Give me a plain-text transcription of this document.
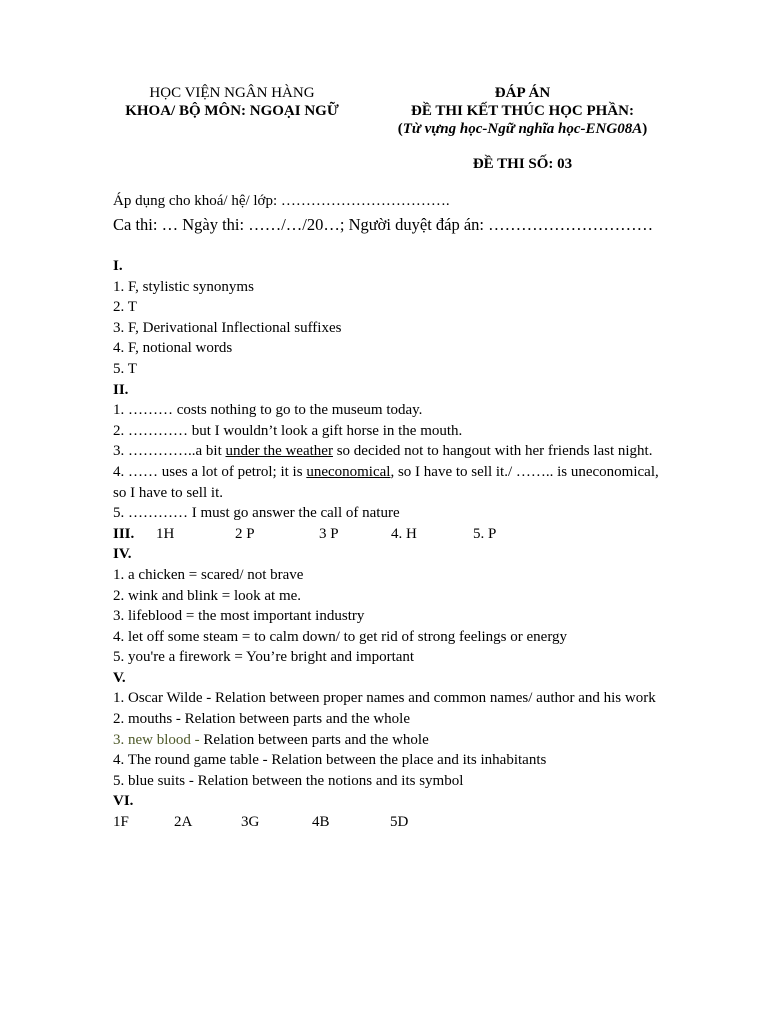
HỌC VIỆN NGÂN HÀNG
KHOA/ BỘ MÔN: NGOẠI NGỮ
ĐÁP ÁN
ĐỀ THI KẾT THÚC HỌC PHẦN:
(Từ vựng học-Ngữ nghĩa học-ENG08A)
ĐỀ THI SỐ: 03
Áp dụng cho khoá/ hệ/ lớp: …………………………….
Ca thi: … Ngày thi: ……/…/20…; Người duyệt đáp án: …………………………
I.
1. F, stylistic synonyms
2. T
3. F, Derivational Inflectional suffixes
4. F, notional words
5. T
II.
1. ……… costs nothing to go to the museum today.
2. ………… but I wouldn’t look a gift horse in the mouth.
3. …………..a bit under the weather so decided not to hangout with her friends last night.
4. …… uses a lot of petrol; it is uneconomical, so I have to sell it./ …….. is uneconomical, so I have to sell it.
5. ………… I must go answer the call of nature
III.	1H	2 P	3 P	4. H	5. P
IV.
1. a chicken = scared/ not brave
2. wink and blink = look at me.
3. lifeblood = the most important industry
4. let off some steam = to calm down/ to get rid of strong feelings or energy
5. you're a firework = You’re bright and important
V.
1. Oscar Wilde - Relation between proper names and common names/ author and his work
2. mouths - Relation between parts and the whole
3. new blood - Relation between parts and the whole
4. The round game table - Relation between the place and its inhabitants
5. blue suits - Relation between the notions and its symbol
VI.
1F	2A	3G	4B	5D
